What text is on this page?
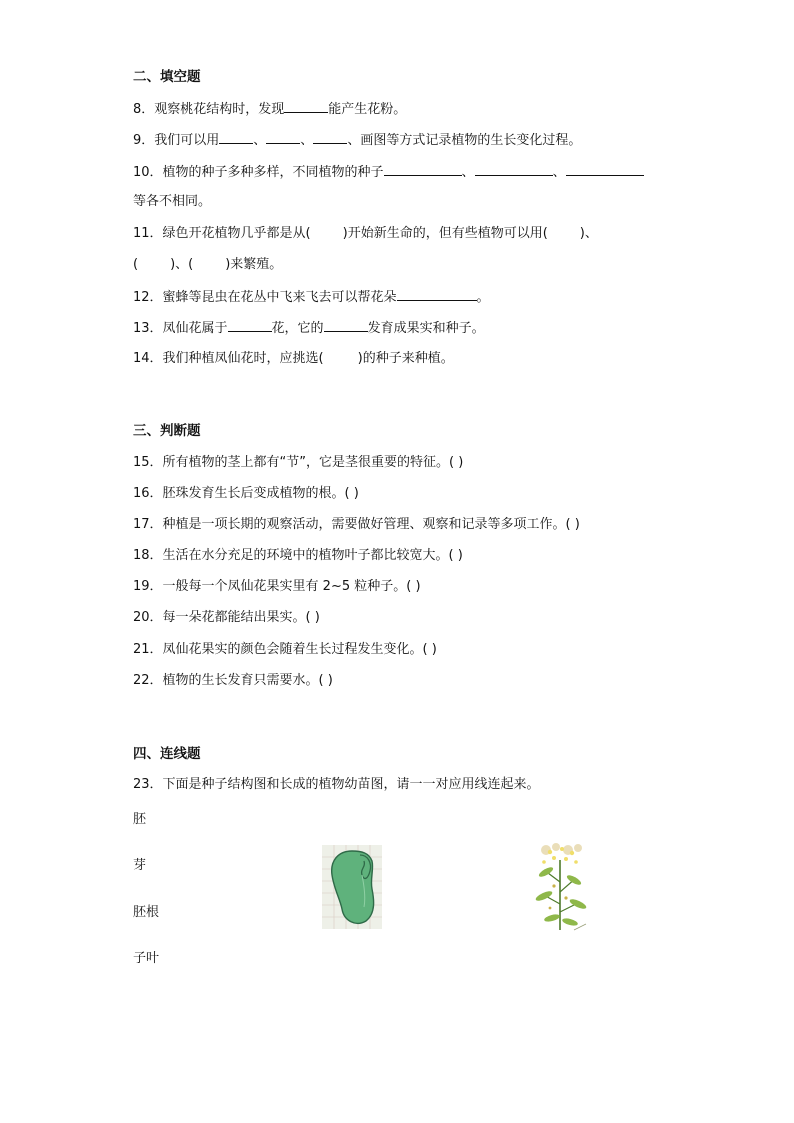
二、填空题
8．观察桃花结构时，发现	能产生花粉。
9．我们可以用	、	、	、画图等方式记录植物的生长变化过程。
10．植物的种子多种多样，不同植物的种子	、	、
等各不相同。
11．绿色开花植物几乎都是从( )开始新生命的，但有些植物可以用( )、
( )、( )来繁殖。
12．蜜蜂等昆虫在花丛中飞来飞去可以帮花朵	。
13．凤仙花属于	花，它的	发育成果实和种子。
14．我们种植凤仙花时，应挑选(	)的种子来种植。
三、判断题
15．所有植物的茎上都有“节”，它是茎很重要的特征。( )
16．胚珠发育生长后变成植物的根。( )
17．种植是一项长期的观察活动，需要做好管理、观察和记录等多项工作。( )
18．生活在水分充足的环境中的植物叶子都比较宽大。( )
19．一般每一个凤仙花果实里有 2~5 粒种子。( )
20．每一朵花都能结出果实。( )
21．凤仙花果实的颜色会随着生长过程发生变化。( )
22．植物的生长发育只需要水。( )
四、连线题
23．下面是种子结构图和长成的植物幼苗图，请一一对应用线连起来。
胚
芽
胚根
子叶
